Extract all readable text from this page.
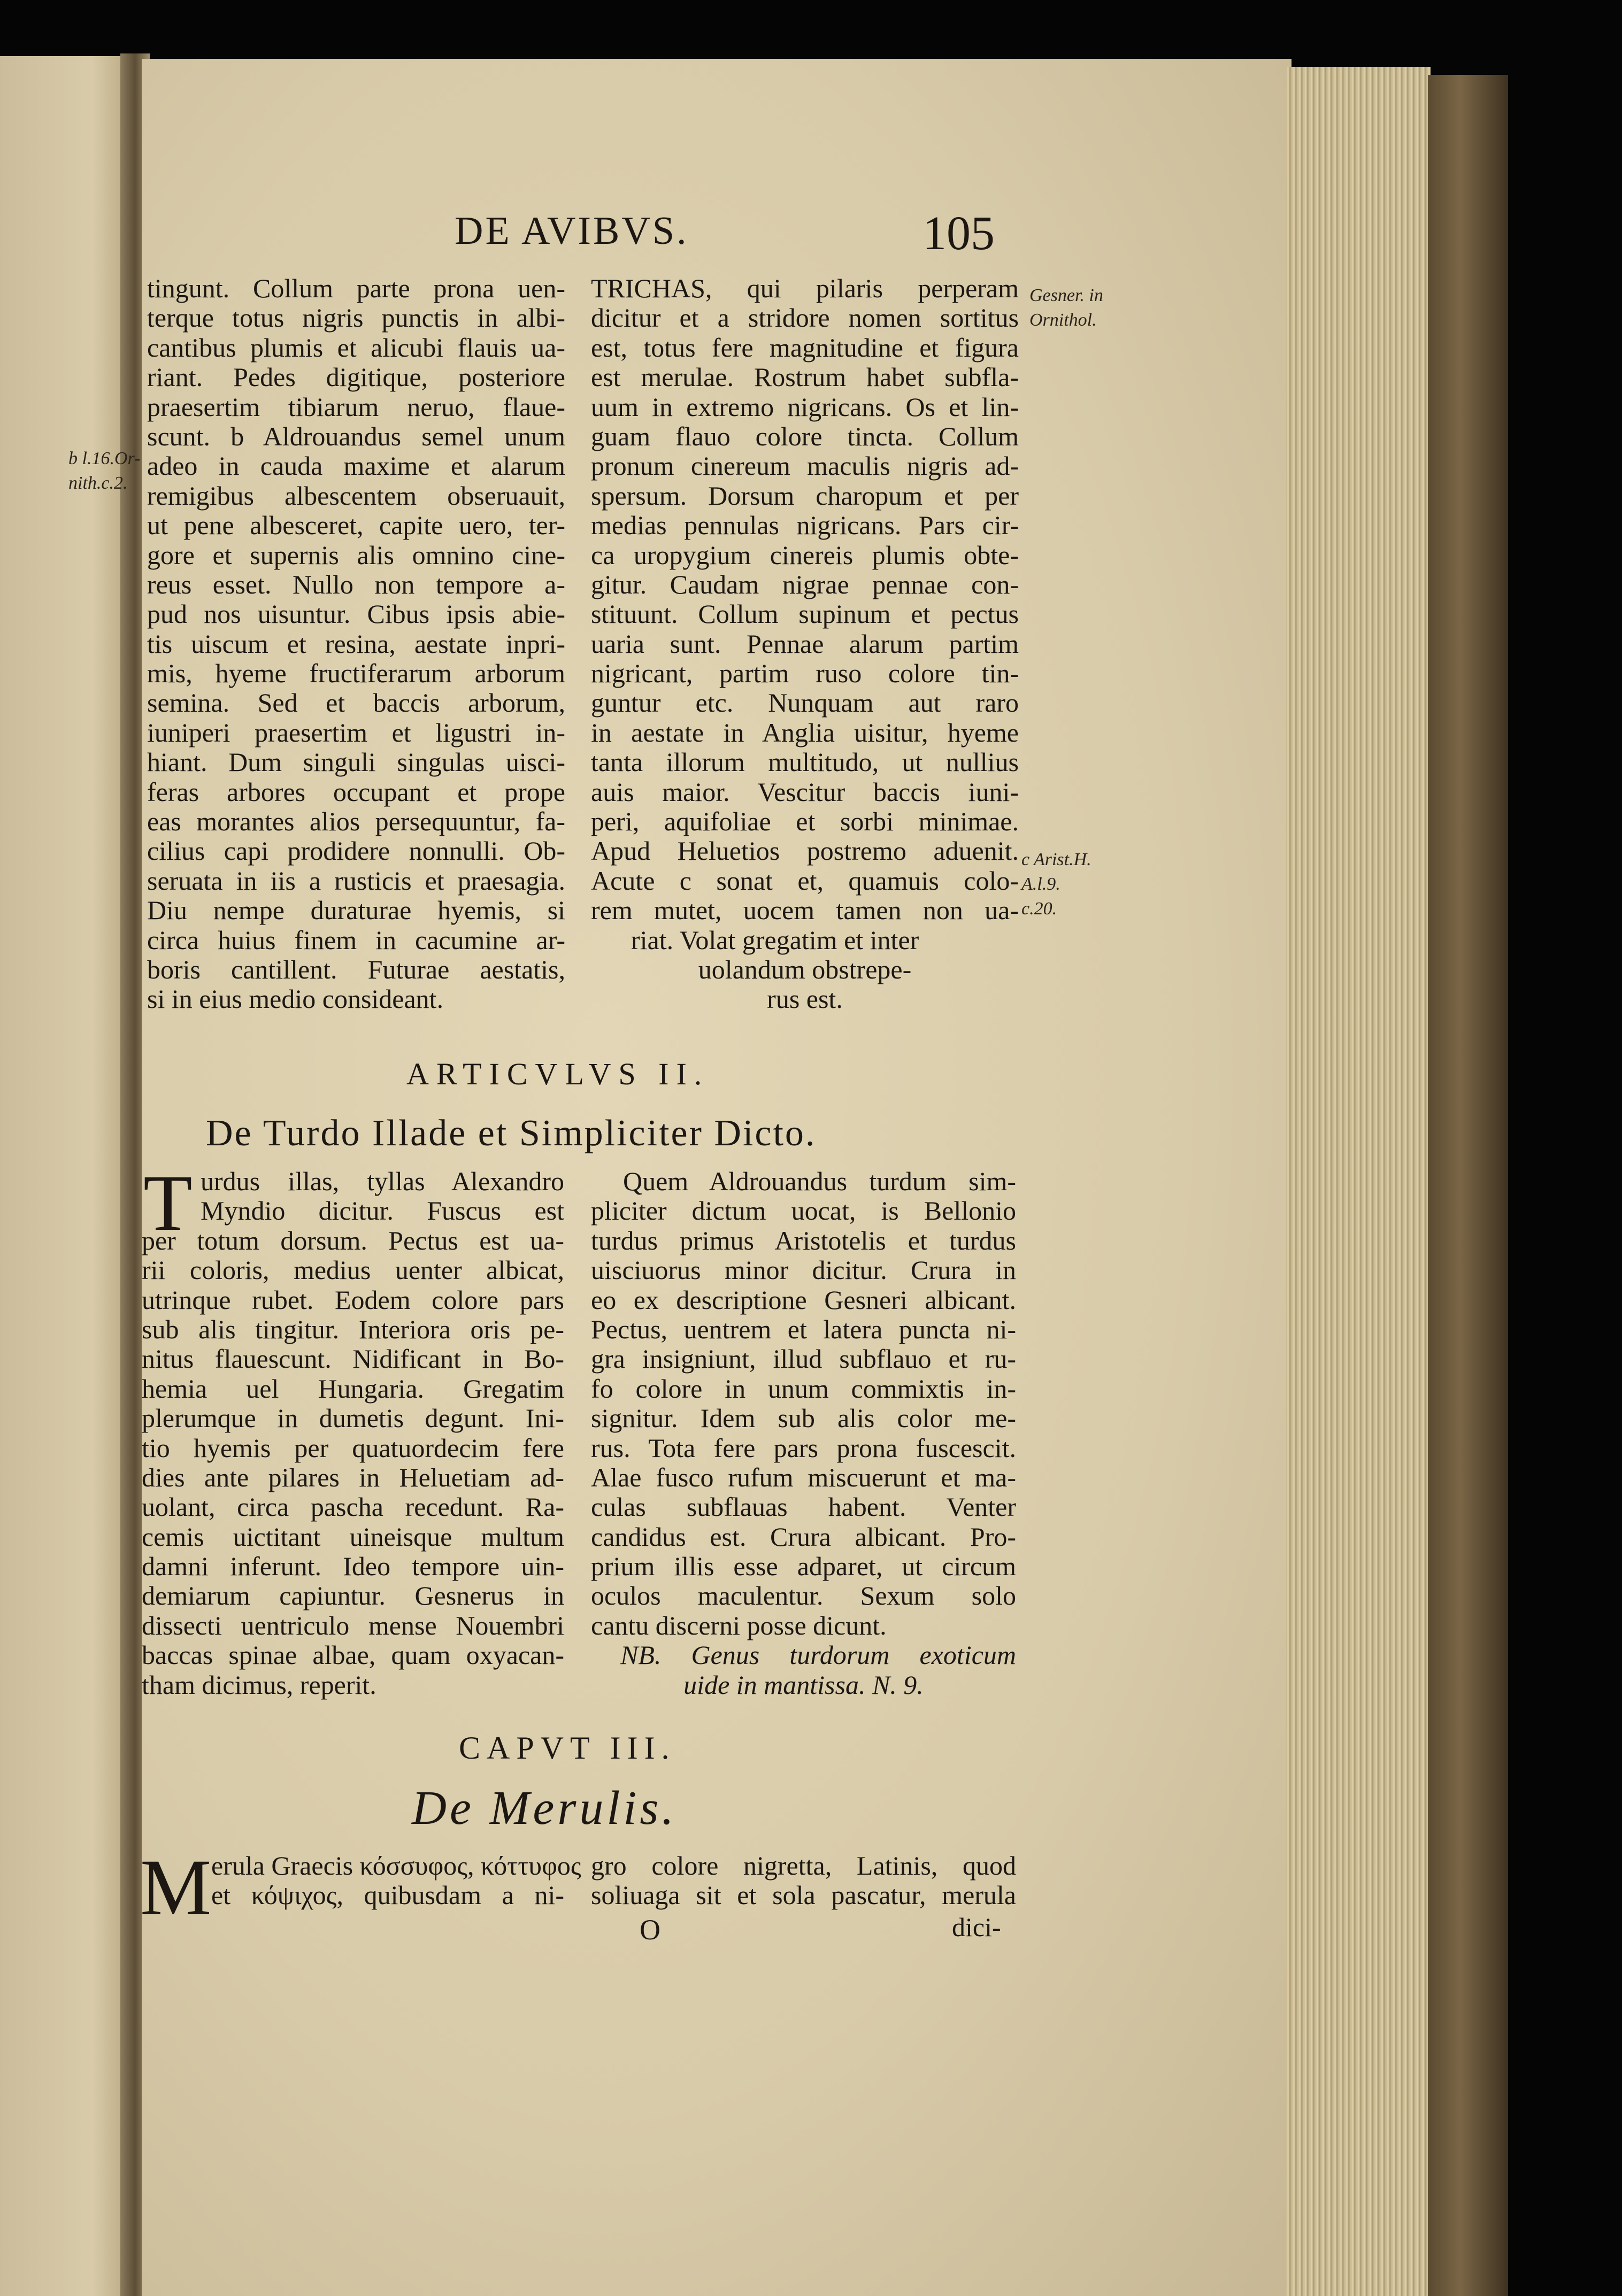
DE AVIBVS.	105
tingunt. Collum parte prona uen-
terque totus nigris punctis in albi-
cantibus plumis et alicubi flauis ua-
riant. Pedes digitique, posteriore
praesertim tibiarum neruo, flaue-
scunt. b Aldrouandus semel unum
adeo in cauda maxime et alarum
remigibus albescentem obseruauit,
ut pene albesceret, capite uero, ter-
gore et supernis alis omnino cine-
reus esset. Nullo non tempore a-
pud nos uisuntur. Cibus ipsis abie-
tis uiscum et resina, aestate inpri-
mis, hyeme fructiferarum arborum
semina. Sed et baccis arborum,
iuniperi praesertim et ligustri in-
hiant. Dum singuli singulas uisci-
feras arbores occupant et prope
eas morantes alios persequuntur, fa-
cilius capi prodidere nonnulli. Ob-
seruata in iis a rusticis et praesagia.
Diu nempe duraturae hyemis, si
circa huius finem in cacumine ar-
boris cantillent. Futurae aestatis,
si in eius medio considеant.
TRICHAS, qui pilaris perperam
dicitur et a stridore nomen sortitus
est, totus fere magnitudine et figura
est merulae. Rostrum habet subfla-
uum in extremo nigricans. Os et lin-
guam flauo colore tincta. Collum
pronum cinereum maculis nigris ad-
spersum. Dorsum charopum et per
medias pennulas nigricans. Pars cir-
ca uropygium cinereis plumis obte-
gitur. Caudam nigrae pennae con-
stituunt. Collum supinum et pectus
uaria sunt. Pennae alarum partim
nigricant, partim ruso colore tin-
guntur etc. Nunquam aut raro
in aestate in Anglia uisitur, hyeme
tanta illorum multitudo, ut nullius
auis maior. Vescitur baccis iuni-
peri, aquifoliae et sorbi minimae.
Apud Heluetios postremo aduenit.
Acute c sonat et, quamuis colo-
rem mutet, uocem tamen non ua-
riat. Volat gregatim et inter
uolandum obstrepe-
rus est.
b l.16.Or-
nith.c.2.
Gesner. in
Ornithol.
c Arist.H.
A.l.9.
c.20.
ARTICVLVS II.
De Turdo Illade et Simpliciter Dicto.
T urdus illas, tyllas Alexandro
Myndio dicitur. Fuscus est
per totum dorsum. Pectus est ua-
rii coloris, medius uenter albicat,
utrinque rubet. Eodem colore pars
sub alis tingitur. Interiora oris pe-
nitus flauescunt. Nidificant in Bo-
hemia uel Hungaria. Gregatim
plerumque in dumetis degunt. Ini-
tio hyemis per quatuordecim fere
dies ante pilares in Heluetiam ad-
uolant, circa pascha recedunt. Ra-
cemis uictitant uineisque multum
damni inferunt. Ideo tempore uin-
demiarum capiuntur. Gesnerus in
dissecti uentriculo mense Nouembri
baccas spinae albae, quam oxyacan-
tham dicimus, reperit.
Quem Aldrouandus turdum sim-
pliciter dictum uocat, is Bellonio
turdus primus Aristotelis et turdus
uisciuorus minor dicitur. Crura in
eo ex descriptione Gesneri albicant.
Pectus, uentrem et latera puncta ni-
gra insigniunt, illud subflauo et ru-
fo colore in unum commixtis in-
signitur. Idem sub alis color me-
rus. Tota fere pars prona fuscescit.
Alae fusco rufum miscuerunt et ma-
culas subflauas habent. Venter
candidus est. Crura albicant. Pro-
prium illis esse adparet, ut circum
oculos maculentur. Sexum solo
cantu discerni posse dicunt.
NB. Genus turdorum exoticum
uide in mantissa. N. 9.
CAPVT III.
De Merulis.
M erula Graecis κόσσυφος, κόττυφος
et κόψιχος, quibusdam a ni-
gro colore nigretta, Latinis, quod
soliuaga sit et sola pascatur, merula
O	dici-
